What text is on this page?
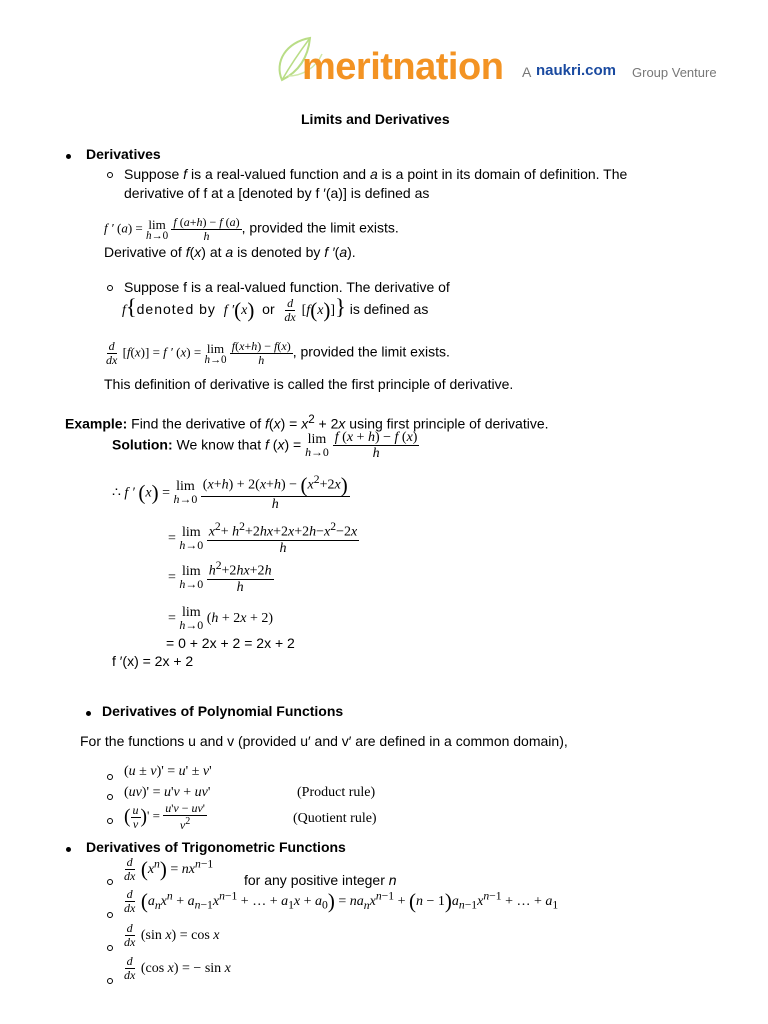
meritnation A naukri.com Group Venture
Limits and Derivatives
Derivatives
Suppose f is a real-valued function and a is a point in its domain of definition. The
derivative of f at a [denoted by f ′(a)] is defined as
f ′ (a) = lim
h→0
$\frac{f (a+h) - f (a)}{h}$ , provided the limit exists.
Derivative of f(x) at a is denoted by f ′(a).
Suppose f is a real-valued function. The derivative of
f{denoted by f ′(x) or $\frac{d}{dx} [f(x)]$} is defined as
$\frac{d}{dx} [f(x)] = f$ ′ (x) = lim
h→0
$\frac{f(x+h) - f(x)}{h}$ , provided the limit exists.
This definition of derivative is called the first principle of derivative.
Example: Find the derivative of $f(x) = x^2 + 2x$ using first principle of derivative.
Solution: We know that f (x) = lim
h→0
$\frac{f (x + h) - f (x)}{h}$
∴ f ′ (x) = lim
h→0
$\frac{(x+h) + 2(x+h) - (x^2+2x)}{h}$
= lim
h→0
$\frac{x^2+ h^2+2hx+2x+2h-x^2-2x}{h}$
= lim
h→0
$\frac{h^2+2hx+2h}{h}$
= lim
h→0 (h + 2x + 2)
= 0 + 2x + 2 = 2x + 2
f ′(x) = 2x + 2
Derivatives of Polynomial Functions
For the functions u and v (provided u′ and v′ are defined in a common domain),
(u ± v)' = u' ± v'
(uv)' = u'v + uv'	(Product rule)
( $\frac{u}{v}$ )' = $\frac{u'v - uv'}{v^2}$	(Quotient rule)
Derivatives of Trigonometric Functions
$\frac{d}{dx} (x^n) = nx^{n-1}$
for any positive integer n
$\frac{d}{dx} (a_nx^n + a_{n-1}x^{n-1}$ + … + $a_1x + a_0) = na_nx^{n-1} + (n - 1)a_{n-1}x^{n-1}$ + … + $a_1$
$\frac{d}{dx} (\sin$ x) = cos x
$\frac{d}{dx} (\cos$ x) = − sin x
